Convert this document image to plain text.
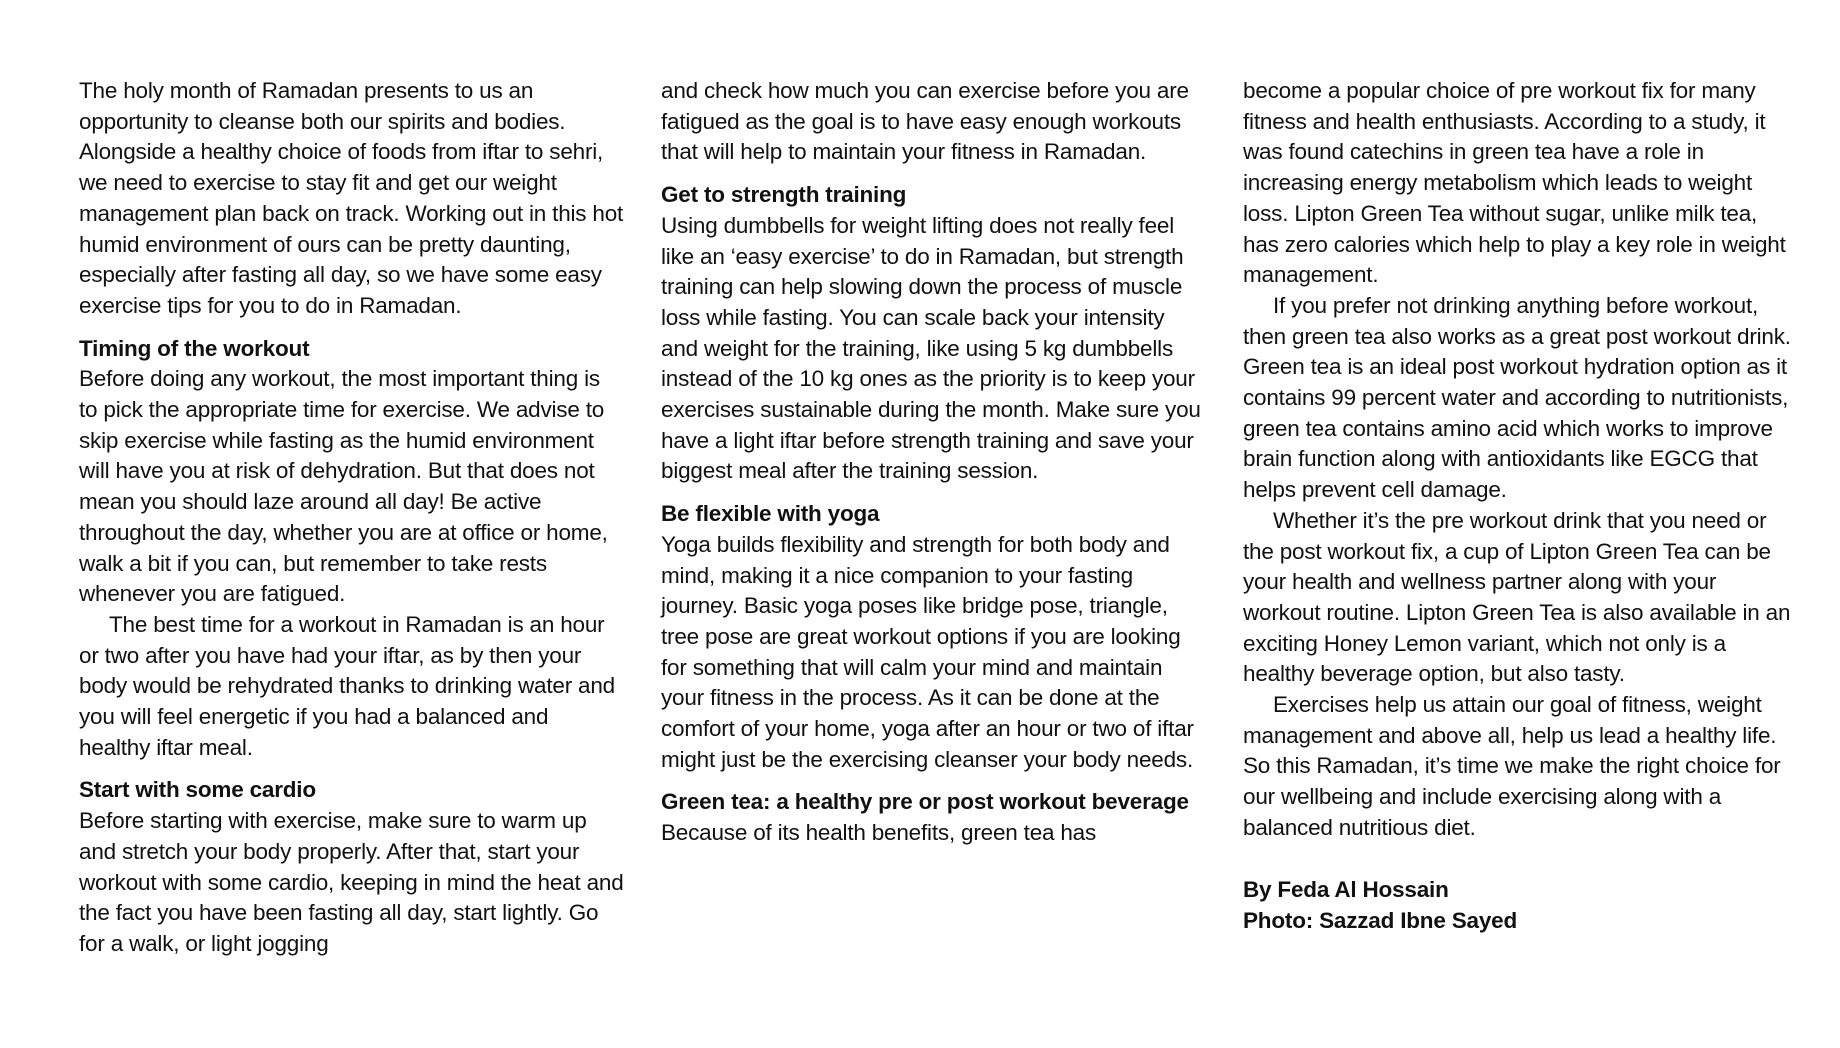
The holy month of Ramadan presents to us an opportunity to cleanse both our spirits and bodies. Alongside a healthy choice of foods from iftar to sehri, we need to exercise to stay fit and get our weight management plan back on track. Working out in this hot humid environment of ours can be pretty daunting, especially after fasting all day, so we have some easy exercise tips for you to do in Ramadan.

Timing of the workout

Before doing any workout, the most important thing is to pick the appropriate time for exercise. We advise to skip exercise while fasting as the humid environment will have you at risk of dehydration. But that does not mean you should laze around all day! Be active throughout the day, whether you are at office or home, walk a bit if you can, but remember to take rests whenever you are fatigued.

The best time for a workout in Ramadan is an hour or two after you have had your iftar, as by then your body would be rehydrated thanks to drinking water and you will feel energetic if you had a balanced and healthy iftar meal.

Start with some cardio

Before starting with exercise, make sure to warm up and stretch your body properly. After that, start your workout with some cardio, keeping in mind the heat and the fact you have been fasting all day, start lightly. Go for a walk, or light jogging

and check how much you can exercise before you are fatigued as the goal is to have easy enough workouts that will help to maintain your fitness in Ramadan.

Get to strength training

Using dumbbells for weight lifting does not really feel like an ‘easy exercise’ to do in Ramadan, but strength training can help slowing down the process of muscle loss while fasting. You can scale back your intensity and weight for the training, like using 5 kg dumbbells instead of the 10 kg ones as the priority is to keep your exercises sustainable during the month. Make sure you have a light iftar before strength training and save your biggest meal after the training session.

Be flexible with yoga

Yoga builds flexibility and strength for both body and mind, making it a nice companion to your fasting journey. Basic yoga poses like bridge pose, triangle, tree pose are great workout options if you are looking for something that will calm your mind and maintain your fitness in the process. As it can be done at the comfort of your home, yoga after an hour or two of iftar might just be the exercising cleanser your body needs.

Green tea: a healthy pre or post workout beverage

Because of its health benefits, green tea has

become a popular choice of pre workout fix for many fitness and health enthusiasts. According to a study, it was found catechins in green tea have a role in increasing energy metabolism which leads to weight loss. Lipton Green Tea without sugar, unlike milk tea, has zero calories which help to play a key role in weight management.

If you prefer not drinking anything before workout, then green tea also works as a great post workout drink. Green tea is an ideal post workout hydration option as it contains 99 percent water and according to nutritionists, green tea contains amino acid which works to improve brain function along with antioxidants like EGCG that helps prevent cell damage.

Whether it’s the pre workout drink that you need or the post workout fix, a cup of Lipton Green Tea can be your health and wellness partner along with your workout routine. Lipton Green Tea is also available in an exciting Honey Lemon variant, which not only is a healthy beverage option, but also tasty.

Exercises help us attain our goal of fitness, weight management and above all, help us lead a healthy life. So this Ramadan, it’s time we make the right choice for our wellbeing and include exercising along with a balanced nutritious diet.

By Feda Al Hossain
Photo: Sazzad Ibne Sayed
